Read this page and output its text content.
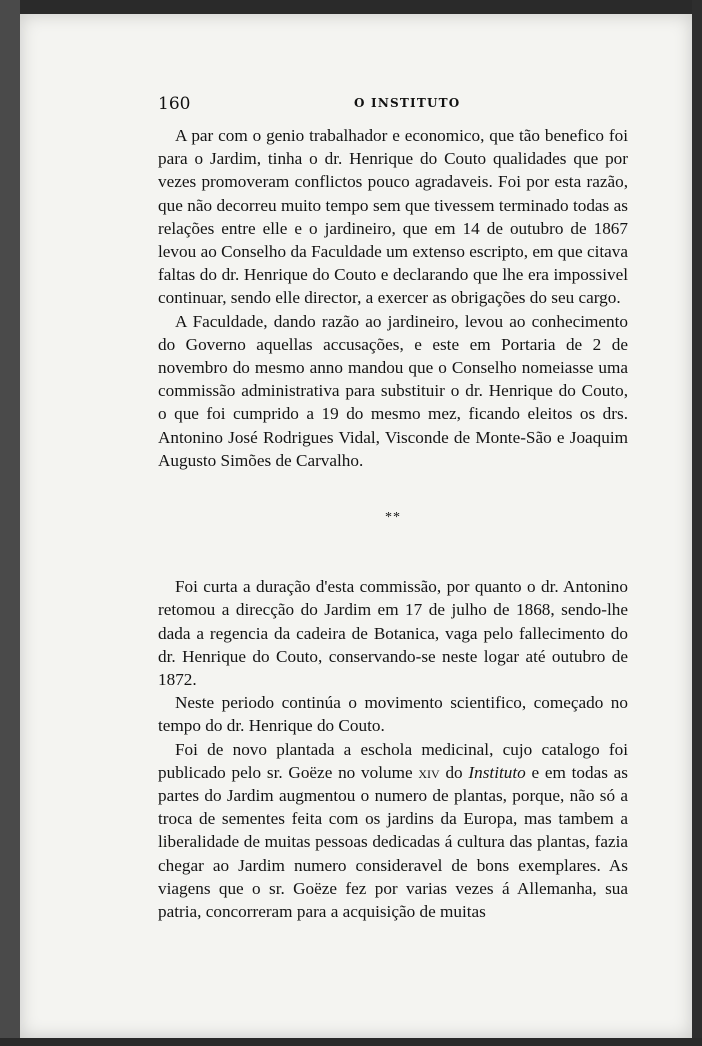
160	O INSTITUTO

A par com o genio trabalhador e economico, que tão benefico foi para o Jardim, tinha o dr. Henrique do Couto qualidades que por vezes promoveram conflictos pouco agradaveis. Foi por esta razão, que não decorreu muito tempo sem que tivessem terminado todas as relações entre elle e o jardineiro, que em 14 de outubro de 1867 levou ao Conselho da Faculdade um extenso escripto, em que citava faltas do dr. Henrique do Couto e declarando que lhe era impossivel continuar, sendo elle director, a exercer as obrigações do seu cargo.

A Faculdade, dando razão ao jardineiro, levou ao conhecimento do Governo aquellas accusações, e este em Portaria de 2 de novembro do mesmo anno mandou que o Conselho nomeiasse uma commissão administrativa para substituir o dr. Henrique do Couto, o que foi cumprido a 19 do mesmo mez, ficando eleitos os drs. Antonino José Rodrigues Vidal, Visconde de Monte-São e Joaquim Augusto Simões de Carvalho.

**

Foi curta a duração d'esta commissão, por quanto o dr. Antonino retomou a direcção do Jardim em 17 de julho de 1868, sendo-lhe dada a regencia da cadeira de Botanica, vaga pelo fallecimento do dr. Henrique do Couto, conservando-se neste logar até outubro de 1872.

Neste periodo continúa o movimento scientifico, começado no tempo do dr. Henrique do Couto.

Foi de novo plantada a eschola medicinal, cujo catalogo foi publicado pelo sr. Goëze no volume xiv do Instituto e em todas as partes do Jardim augmentou o numero de plantas, porque, não só a troca de sementes feita com os jardins da Europa, mas tambem a liberalidade de muitas pessoas dedicadas á cultura das plantas, fazia chegar ao Jardim numero consideravel de bons exemplares. As viagens que o sr. Goëze fez por varias vezes á Allemanha, sua patria, concorreram para a acquisição de muitas
